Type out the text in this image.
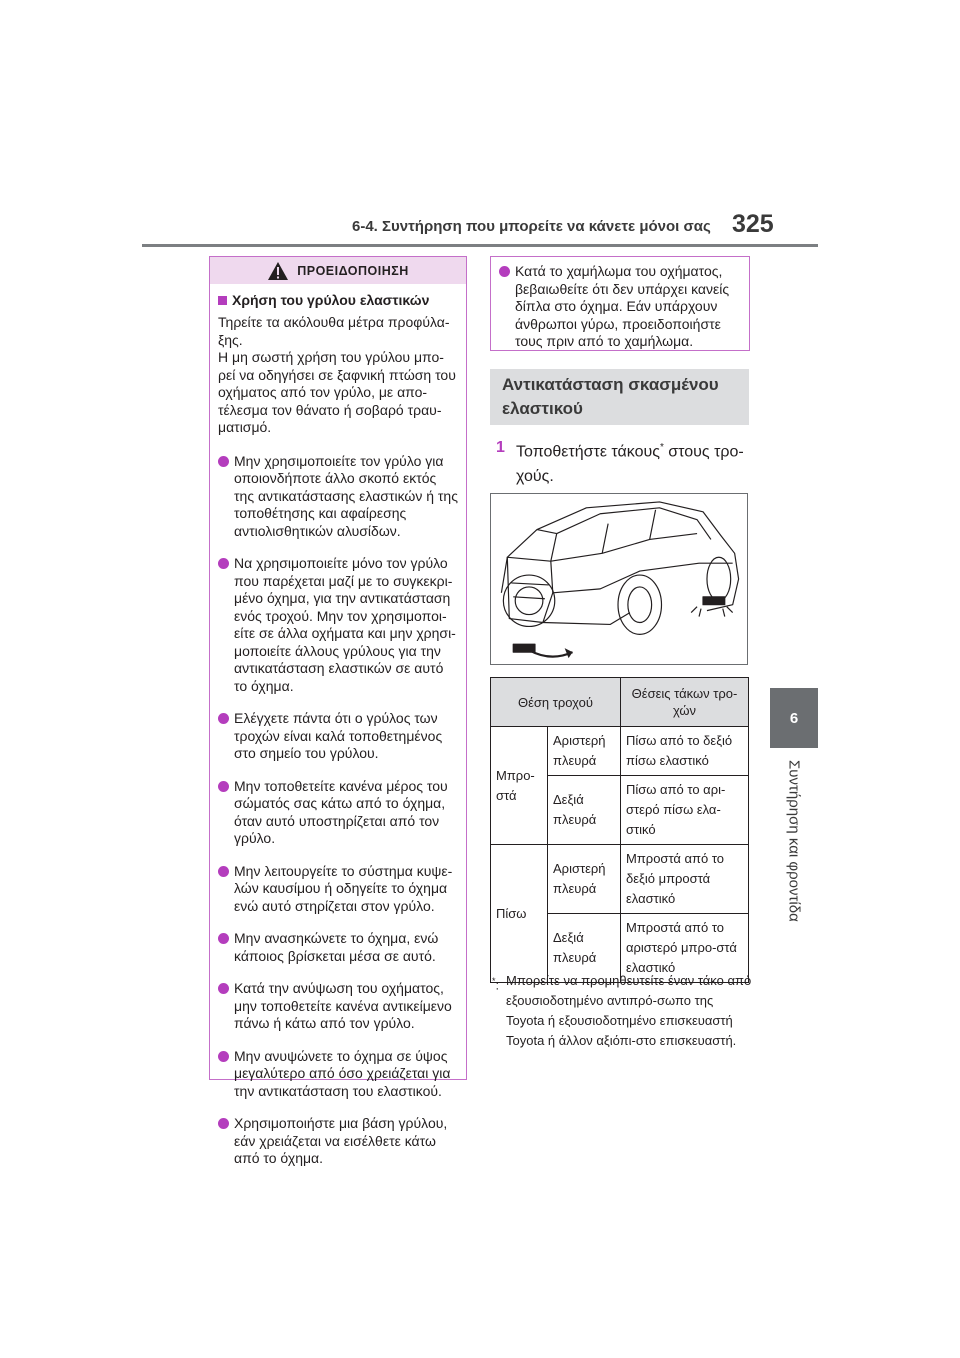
6-4. Συντήρηση που μπορείτε να κάνετε μόνοι σας 325
6
Συντήρηση και φροντίδα
ΠΡΟΕΙΔΟΠΟΙΗΣΗ
Χρήση του γρύλου ελαστικών

Τηρείτε τα ακόλουθα μέτρα προφύλα-ξης.
Η μη σωστή χρήση του γρύλου μπο-ρεί να οδηγήσει σε ξαφνική πτώση του οχήματος από τον γρύλο, με απο-τέλεσμα τον θάνατο ή σοβαρό τραυ-ματισμό.

Μην χρησιμοποιείτε τον γρύλο για οποιονδήποτε άλλο σκοπό εκτός της αντικατάστασης ελαστικών ή της τοποθέτησης και αφαίρεσης αντιολισθητικών αλυσίδων.
Να χρησιμοποιείτε μόνο τον γρύλο που παρέχεται μαζί με το συγκεκρι-μένο όχημα, για την αντικατάσταση ενός τροχού. Μην τον χρησιμοποι-είτε σε άλλα οχήματα και μην χρησι-μοποιείτε άλλους γρύλους για την αντικατάσταση ελαστικών σε αυτό το όχημα.
Ελέγχετε πάντα ότι ο γρύλος των τροχών είναι καλά τοποθετημένος στο σημείο του γρύλου.
Μην τοποθετείτε κανένα μέρος του σώματός σας κάτω από το όχημα, όταν αυτό υποστηρίζεται από τον γρύλο.
Μην λειτουργείτε το σύστημα κυψε-λών καυσίμου ή οδηγείτε το όχημα ενώ αυτό στηρίζεται στον γρύλο.
Μην ανασηκώνετε το όχημα, ενώ κάποιος βρίσκεται μέσα σε αυτό.
Κατά την ανύψωση του οχήματος, μην τοποθετείτε κανένα αντικείμενο πάνω ή κάτω από τον γρύλο.
Μην ανυψώνετε το όχημα σε ύψος μεγαλύτερο από όσο χρειάζεται για την αντικατάσταση του ελαστικού.
Χρησιμοποιήστε μια βάση γρύλου, εάν χρειάζεται να εισέλθετε κάτω από το όχημα.
Κατά το χαμήλωμα του οχήματος, βεβαιωθείτε ότι δεν υπάρχει κανείς δίπλα στο όχημα. Εάν υπάρχουν άνθρωποι γύρω, προειδοποιήστε τους πριν από το χαμήλωμα.
Αντικατάσταση σκασμένου ελαστικού
1 Τοποθετήστε τάκους* στους τρο-χούς.
Θέση τροχού		Θέσεις τάκων τρο-χών
Μπρο-στά	Αριστερή πλευρά	Πίσω από το δεξιό πίσω ελαστικό
	Δεξιά πλευρά	Πίσω από το αρι-στερό πίσω ελα-στικό
Πίσω	Αριστερή πλευρά	Μπροστά από το δεξιό μπροστά ελαστικό
	Δεξιά πλευρά	Μπροστά από το αριστερό μπρο-στά ελαστικό
*: Μπορείτε να προμηθευτείτε έναν τάκο από εξουσιοδοτημένο αντιπρό-σωπο της Toyota ή εξουσιοδοτημένο επισκευαστή Toyota ή άλλον αξιόπι-στο επισκευαστή.
